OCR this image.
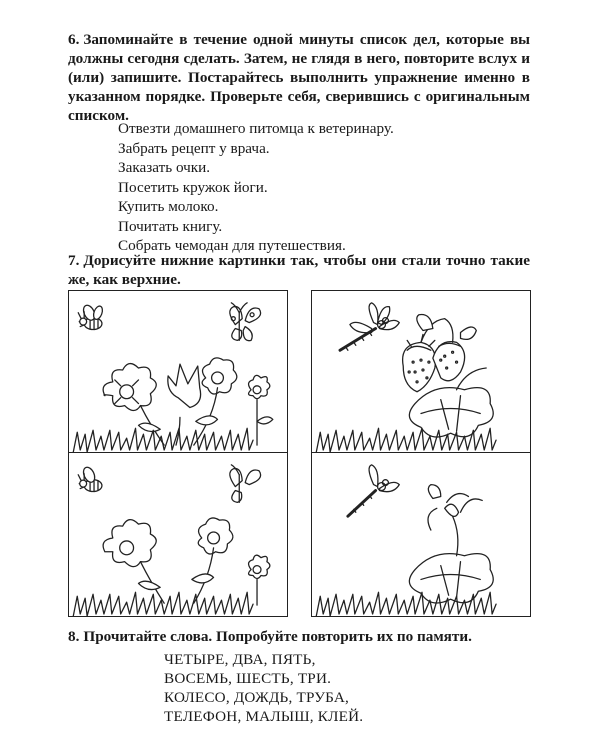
6. Запоминайте в течение одной минуты список дел, которые вы должны сегодня сделать. Затем, не глядя в него, повторите вслух и (или) запишите. Постарайтесь выполнить упражнение именно в указанном порядке. Проверьте себя, сверившись с оригинальным списком.

Отвезти домашнего питомца к ветеринару.
Забрать рецепт у врача.
Заказать очки.
Посетить кружок йоги.
Купить молоко.
Почитать книгу.
Собрать чемодан для путешествия.

7. Дорисуйте нижние картинки так, чтобы они стали точно такие же, как верхние.

8. Прочитайте слова. Попробуйте повторить их по памяти.

ЧЕТЫРЕ, ДВА, ПЯТЬ,
ВОСЕМЬ, ШЕСТЬ, ТРИ.
КОЛЕСО, ДОЖДЬ, ТРУБА,
ТЕЛЕФОН, МАЛЫШ, КЛЕЙ.
